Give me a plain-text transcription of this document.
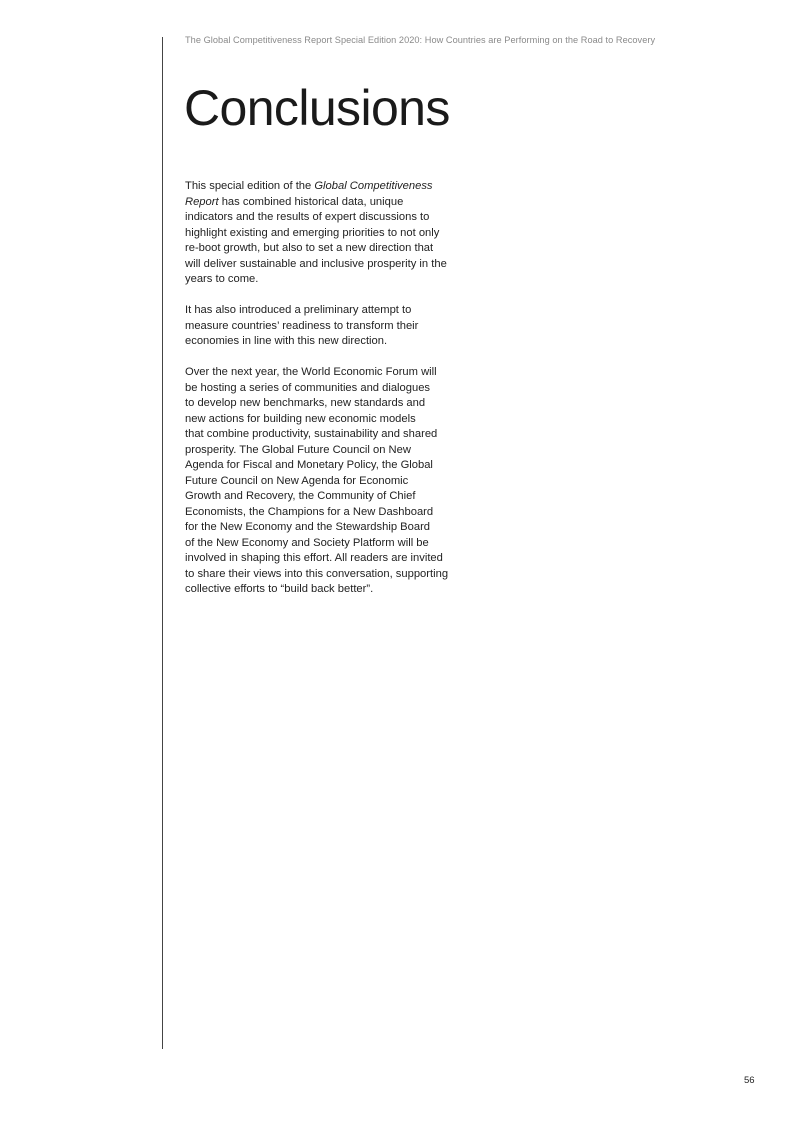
The Global Competitiveness Report Special Edition 2020: How Countries are Performing on the Road to Recovery
Conclusions

This special edition of the Global Competitiveness
Report has combined historical data, unique
indicators and the results of expert discussions to
highlight existing and emerging priorities to not only
re-boot growth, but also to set a new direction that
will deliver sustainable and inclusive prosperity in the
years to come.

It has also introduced a preliminary attempt to
measure countries’ readiness to transform their
economies in line with this new direction.

Over the next year, the World Economic Forum will
be hosting a series of communities and dialogues
to develop new benchmarks, new standards and
new actions for building new economic models
that combine productivity, sustainability and shared
prosperity. The Global Future Council on New
Agenda for Fiscal and Monetary Policy, the Global
Future Council on New Agenda for Economic
Growth and Recovery, the Community of Chief
Economists, the Champions for a New Dashboard
for the New Economy and the Stewardship Board
of the New Economy and Society Platform will be
involved in shaping this effort. All readers are invited
to share their views into this conversation, supporting
collective efforts to “build back better”.

56
